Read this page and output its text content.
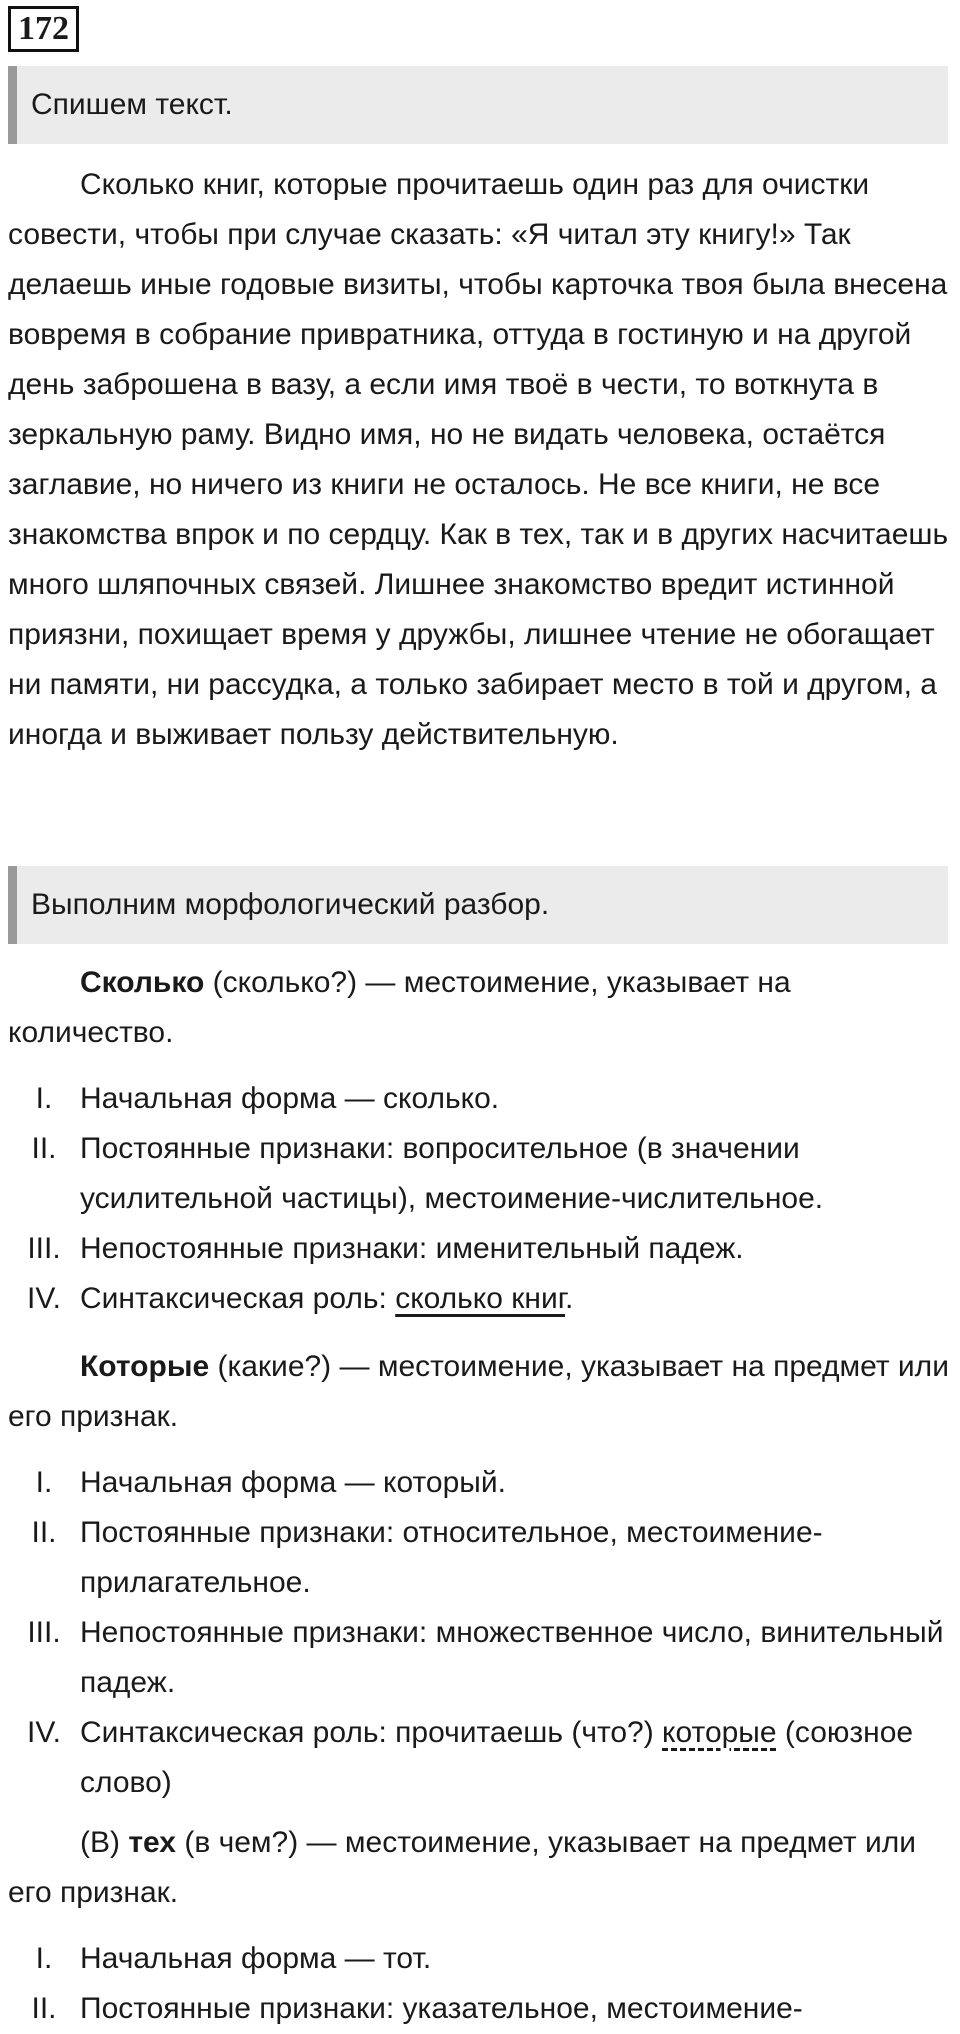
172
Спишем текст.
Сколько книг, которые прочитаешь один раз для очистки совести, чтобы при случае сказать: «Я читал эту книгу!» Так делаешь иные годовые визиты, чтобы карточка твоя была внесена вовремя в собрание привратника, оттуда в гостиную и на другой день заброшена в вазу, а если имя твоё в чести, то воткнута в зеркальную раму. Видно имя, но не видать человека, остаётся заглавие, но ничего из книги не осталось. Не все книги, не все знакомства впрок и по сердцу. Как в тех, так и в других насчитаешь много шляпочных связей. Лишнее знакомство вредит истинной приязни, похищает время у дружбы, лишнее чтение не обогащает ни памяти, ни рассудка, а только забирает место в той и другом, а иногда и выживает пользу действительную.
Выполним морфологический разбор.
Сколько (сколько?) — местоимение, указывает на количество.
I. Начальная форма — сколько.
II. Постоянные признаки: вопросительное (в значении усилительной частицы), местоимение-числительное.
III. Непостоянные признаки: именительный падеж.
IV. Синтаксическая роль: сколько книг.
Которые (какие?) — местоимение, указывает на предмет или его признак.
I. Начальная форма — который.
II. Постоянные признаки: относительное, местоимение-прилагательное.
III. Непостоянные признаки: множественное число, винительный падеж.
IV. Синтаксическая роль: прочитаешь (что?) которые (союзное слово)
(В) тех (в чем?) — местоимение, указывает на предмет или его признак.
I. Начальная форма — тот.
II. Постоянные признаки: указательное, местоимение-
